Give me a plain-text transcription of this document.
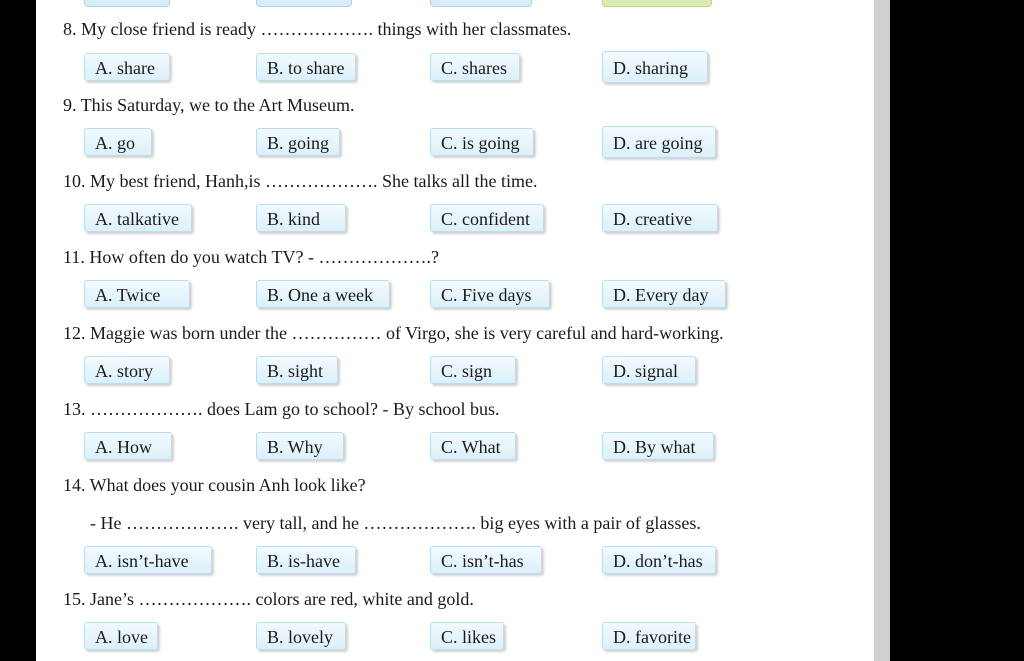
8. My close friend is ready ………………. things with her classmates.
A. share	B. to share	C. shares	D. sharing
9. This Saturday, we to the Art Museum.
A. go	B. going	C. is going	D. are going
10. My best friend, Hanh,is ………………. She talks all the time.
A. talkative	B. kind	C. confident	D. creative
11. How often do you watch TV? - ……………….?
A. Twice	B. One a week	C. Five days	D. Every day
12. Maggie was born under the …………… of Virgo, she is very careful and hard-working.
A. story	B. sight	C. sign	D. signal
13. ………………. does Lam go to school? - By school bus.
A. How	B. Why	C. What	D. By what
14. What does your cousin Anh look like?
- He ………………. very tall, and he ………………. big eyes with a pair of glasses.
A. isn’t-have	B. is-have	C. isn’t-has	D. don’t-has
15. Jane’s ………………. colors are red, white and gold.
A. love	B. lovely	C. likes	D. favorite
